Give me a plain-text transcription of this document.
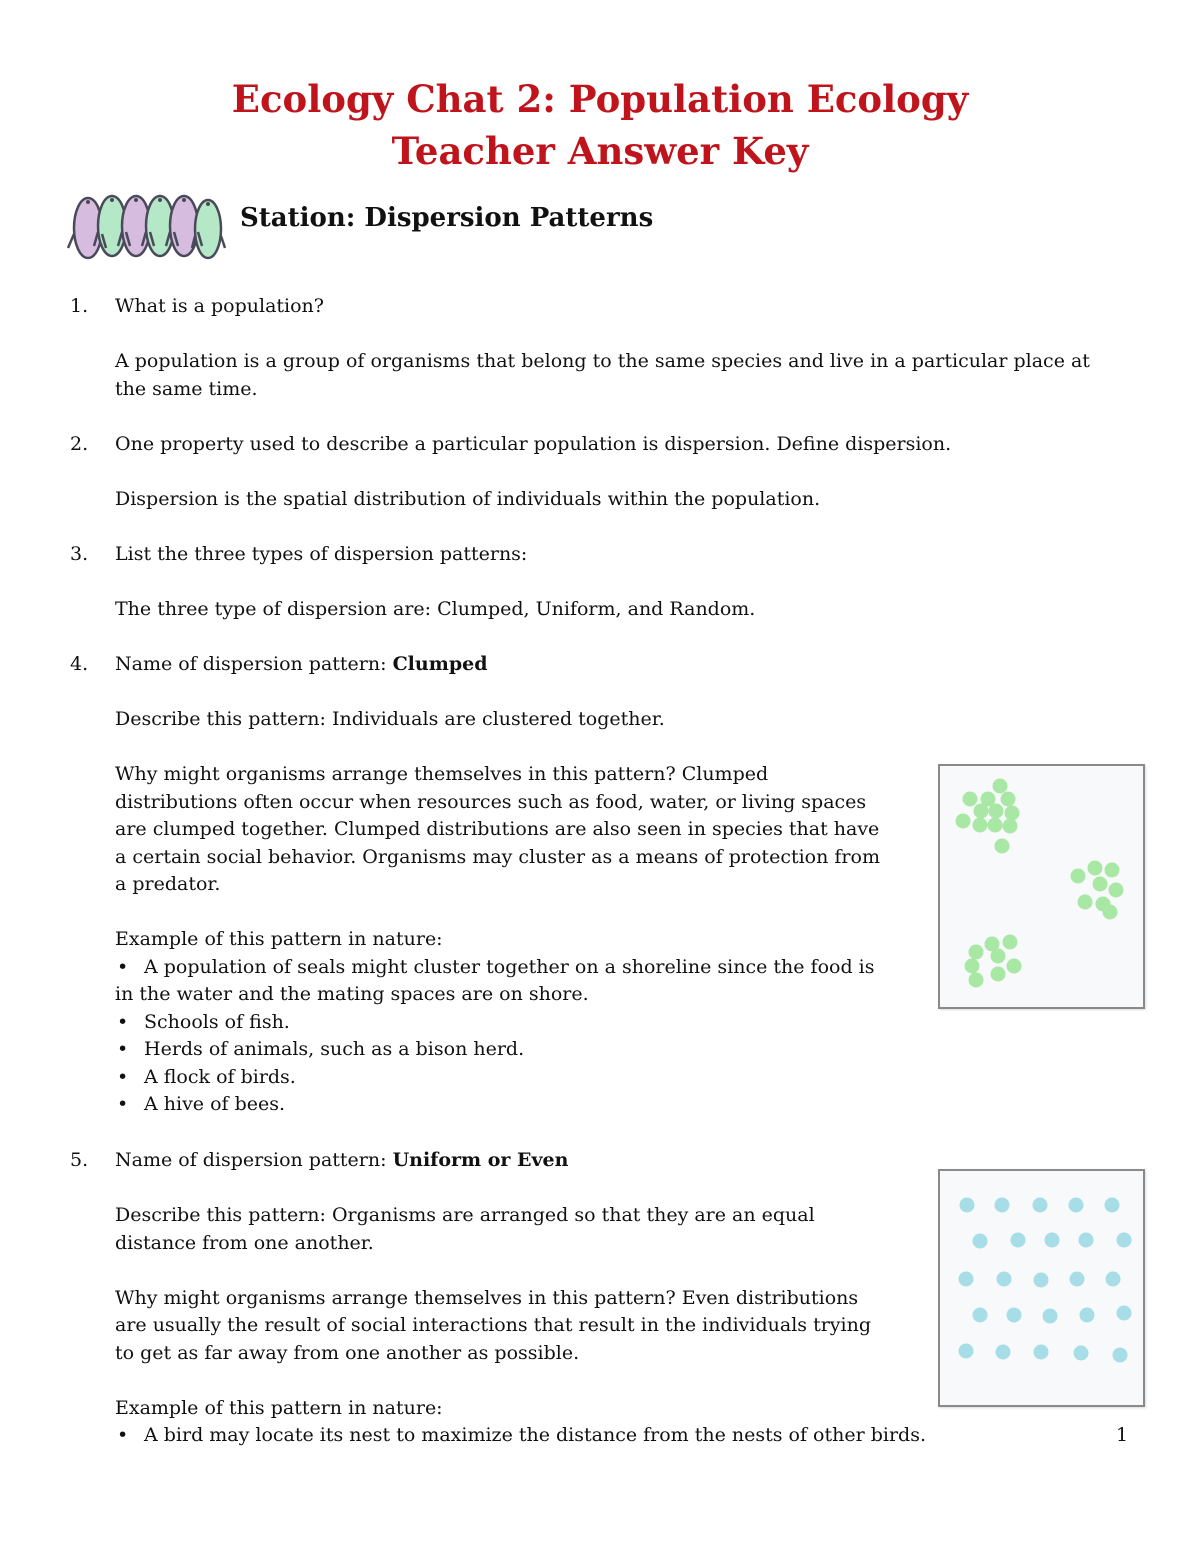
Ecology Chat 2: Population Ecology
Teacher Answer Key
Station: Dispersion Patterns
1. What is a population?
A population is a group of organisms that belong to the same species and live in a particular place at
the same time.
2. One property used to describe a particular population is dispersion. Define dispersion.
Dispersion is the spatial distribution of individuals within the population.
3. List the three types of dispersion patterns:
The three type of dispersion are: Clumped, Uniform, and Random.
4. Name of dispersion pattern: Clumped
Describe this pattern: Individuals are clustered together.
Why might organisms arrange themselves in this pattern? Clumped
distributions often occur when resources such as food, water, or living spaces
are clumped together. Clumped distributions are also seen in species that have
a certain social behavior. Organisms may cluster as a means of protection from
a predator.
Example of this pattern in nature:
• A population of seals might cluster together on a shoreline since the food is
in the water and the mating spaces are on shore.
• Schools of fish.
• Herds of animals, such as a bison herd.
• A flock of birds.
• A hive of bees.
5. Name of dispersion pattern: Uniform or Even
Describe this pattern: Organisms are arranged so that they are an equal
distance from one another.
Why might organisms arrange themselves in this pattern? Even distributions
are usually the result of social interactions that result in the individuals trying
to get as far away from one another as possible.
Example of this pattern in nature:
• A bird may locate its nest to maximize the distance from the nests of other birds.	1
